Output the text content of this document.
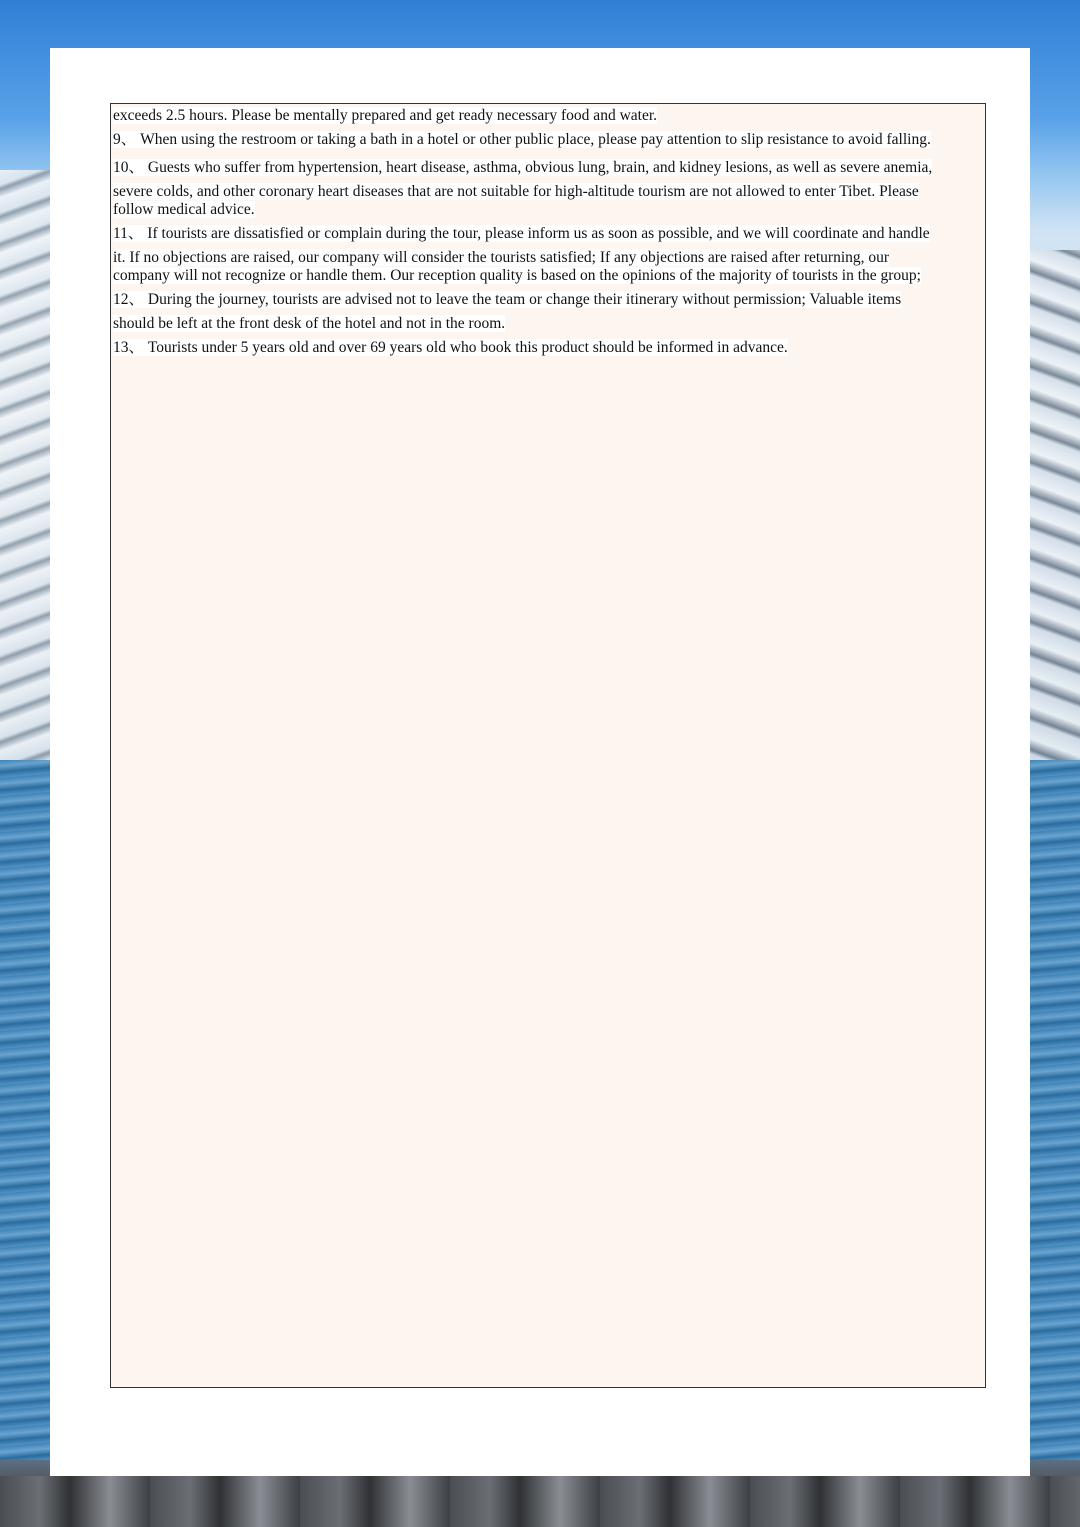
exceeds 2.5 hours. Please be mentally prepared and get ready necessary food and water.
9、 When using the restroom or taking a bath in a hotel or other public place, please pay attention to slip resistance to avoid falling.
10、 Guests who suffer from hypertension, heart disease, asthma, obvious lung, brain, and kidney lesions, as well as severe anemia,
severe colds, and other coronary heart diseases that are not suitable for high-altitude tourism are not allowed to enter Tibet. Please
follow medical advice.
11、 If tourists are dissatisfied or complain during the tour, please inform us as soon as possible, and we will coordinate and handle
it. If no objections are raised, our company will consider the tourists satisfied; If any objections are raised after returning, our
company will not recognize or handle them. Our reception quality is based on the opinions of the majority of tourists in the group;
12、 During the journey, tourists are advised not to leave the team or change their itinerary without permission; Valuable items
should be left at the front desk of the hotel and not in the room.
13、 Tourists under 5 years old and over 69 years old who book this product should be informed in advance.
